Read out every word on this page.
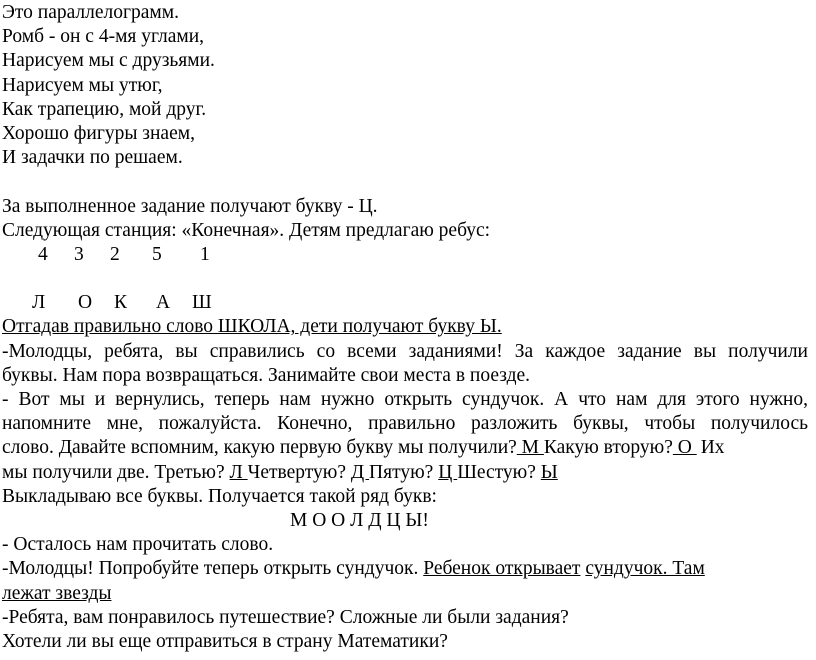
Это параллелограмм.
Ромб - он с 4-мя углами,
Нарисуем мы с друзьями.
Нарисуем мы утюг,
Как трапецию, мой друг.
Хорошо фигуры знаем,
И задачки по решаем.
За выполненное задание получают букву - Ц.
Следующая станция: «Конечная». Детям предлагаю ребус:
4 3 2 5 1
Л О К А Ш
Отгадав правильно слово ШКОЛА, дети получают букву Ы.
-Молодцы, ребята, вы справились со всеми заданиями! За каждое задание вы получили
буквы. Нам пора возвращаться. Занимайте свои места в поезде.
- Вот мы и вернулись, теперь нам нужно открыть сундучок. А что нам для этого нужно,
напомните мне, пожалуйста. Конечно, правильно разложить буквы, чтобы получилось
слово. Давайте вспомним, какую первую букву мы получили? М Какую вторую? О Их
мы получили две. Третью? Л Четвертую? Д Пятую? Ц Шестую? Ы
Выкладываю все буквы. Получается такой ряд букв:
М О О Л Д Ц Ы!
- Осталось нам прочитать слово.
-Молодцы! Попробуйте теперь открыть сундучок. Ребенок открывает сундучок. Там
лежат звезды
-Ребята, вам понравилось путешествие? Сложные ли были задания?
Хотели ли вы еще отправиться в страну Математики?
